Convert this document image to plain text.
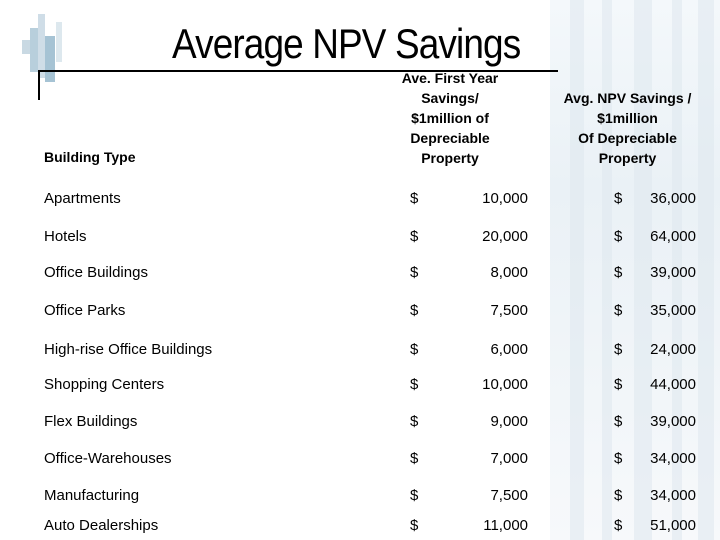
Average NPV Savings
Building Type
Ave. First Year
Savings/
$1million of
Depreciable
Property
Avg. NPV Savings /
$1million
Of Depreciable
Property
Apartments	$	10,000	$ 36,000
Hotels	$	20,000	$ 64,000
Office Buildings	$	8,000	$ 39,000
Office Parks	$	7,500	$ 35,000
High-rise Office Buildings	$	6,000	$ 24,000
Shopping Centers	$	10,000	$ 44,000
Flex Buildings	$	9,000	$ 39,000
Office-Warehouses	$	7,000	$ 34,000
Manufacturing	$	7,500	$ 34,000
Auto Dealerships	$	11,000	$ 51,000
